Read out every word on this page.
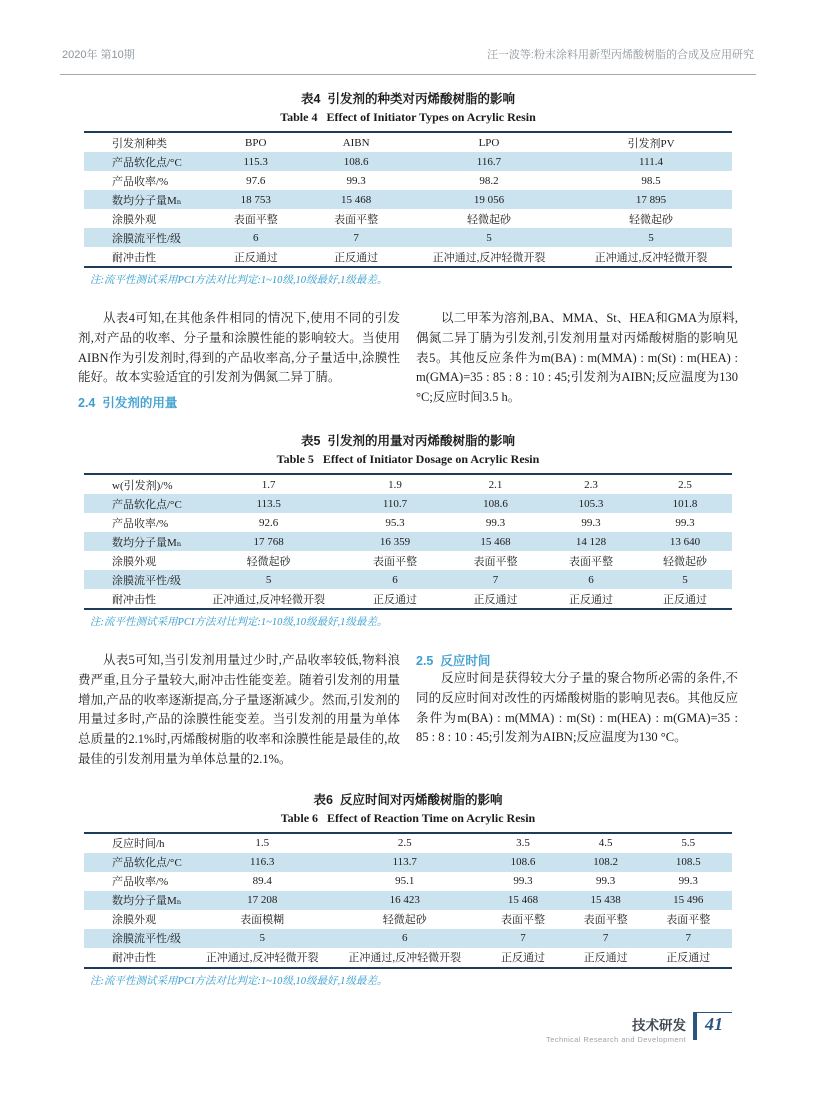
2020年 第10期	汪一波等:粉末涂料用新型丙烯酸树脂的合成及应用研究
表4  引发剂的种类对丙烯酸树脂的影响
Table 4   Effect of Initiator Types on Acrylic Resin
引发剂种类	BPO	AIBN	LPO	引发剂PV
产品软化点/°C	115.3	108.6	116.7	111.4
产品收率/%	97.6	99.3	98.2	98.5
数均分子量Mₙ	18 753	15 468	19 056	17 895
涂膜外观	表面平整	表面平整	轻微起砂	轻微起砂
涂膜流平性/级	6	7	5	5
耐冲击性	正反通过	正反通过	正冲通过,反冲轻微开裂	正冲通过,反冲轻微开裂
注:流平性测试采用PCI方法对比判定:1~10级,10级最好,1级最差。

从表4可知,在其他条件相同的情况下,使用不同的引发剂,对产品的收率、分子量和涂膜性能的影响较大。当使用AIBN作为引发剂时,得到的产品收率高,分子量适中,涂膜性能好。故本实验适宜的引发剂为偶氮二异丁腈。

2.4  引发剂的用量

以二甲苯为溶剂,BA、MMA、St、HEA和GMA为原料,偶氮二异丁腈为引发剂,引发剂用量对丙烯酸树脂的影响见表5。其他反应条件为m(BA) : m(MMA) : m(St) : m(HEA) : m(GMA)=35 : 85 : 8 : 10 : 45;引发剂为AIBN;反应温度为130 °C;反应时间3.5 h。

表5  引发剂的用量对丙烯酸树脂的影响
Table 5   Effect of Initiator Dosage on Acrylic Resin
w(引发剂)/%	1.7	1.9	2.1	2.3	2.5
产品软化点/°C	113.5	110.7	108.6	105.3	101.8
产品收率/%	92.6	95.3	99.3	99.3	99.3
数均分子量Mₙ	17 768	16 359	15 468	14 128	13 640
涂膜外观	轻微起砂	表面平整	表面平整	表面平整	轻微起砂
涂膜流平性/级	5	6	7	6	5
耐冲击性	正冲通过,反冲轻微开裂	正反通过	正反通过	正反通过	正反通过
注:流平性测试采用PCI方法对比判定:1~10级,10级最好,1级最差。

从表5可知,当引发剂用量过少时,产品收率较低,物料浪费严重,且分子量较大,耐冲击性能变差。随着引发剂的用量增加,产品的收率逐渐提高,分子量逐渐减少。然而,引发剂的用量过多时,产品的涂膜性能变差。当引发剂的用量为单体总质量的2.1%时,丙烯酸树脂的收率和涂膜性能是最佳的,故最佳的引发剂用量为单体总量的2.1%。

2.5  反应时间

反应时间是获得较大分子量的聚合物所必需的条件,不同的反应时间对改性的丙烯酸树脂的影响见表6。其他反应条件为m(BA) : m(MMA) : m(St) : m(HEA) : m(GMA)=35 : 85 : 8 : 10 : 45;引发剂为AIBN;反应温度为130 °C。

表6  反应时间对丙烯酸树脂的影响
Table 6   Effect of Reaction Time on Acrylic Resin
反应时间/h	1.5	2.5	3.5	4.5	5.5
产品软化点/°C	116.3	113.7	108.6	108.2	108.5
产品收率/%	89.4	95.1	99.3	99.3	99.3
数均分子量Mₙ	17 208	16 423	15 468	15 438	15 496
涂膜外观	表面模糊	轻微起砂	表面平整	表面平整	表面平整
涂膜流平性/级	5	6	7	7	7
耐冲击性	正冲通过,反冲轻微开裂	正冲通过,反冲轻微开裂	正反通过	正反通过	正反通过
注:流平性测试采用PCI方法对比判定:1~10级,10级最好,1级最差。
技术研发
Technical Research and Development
41
